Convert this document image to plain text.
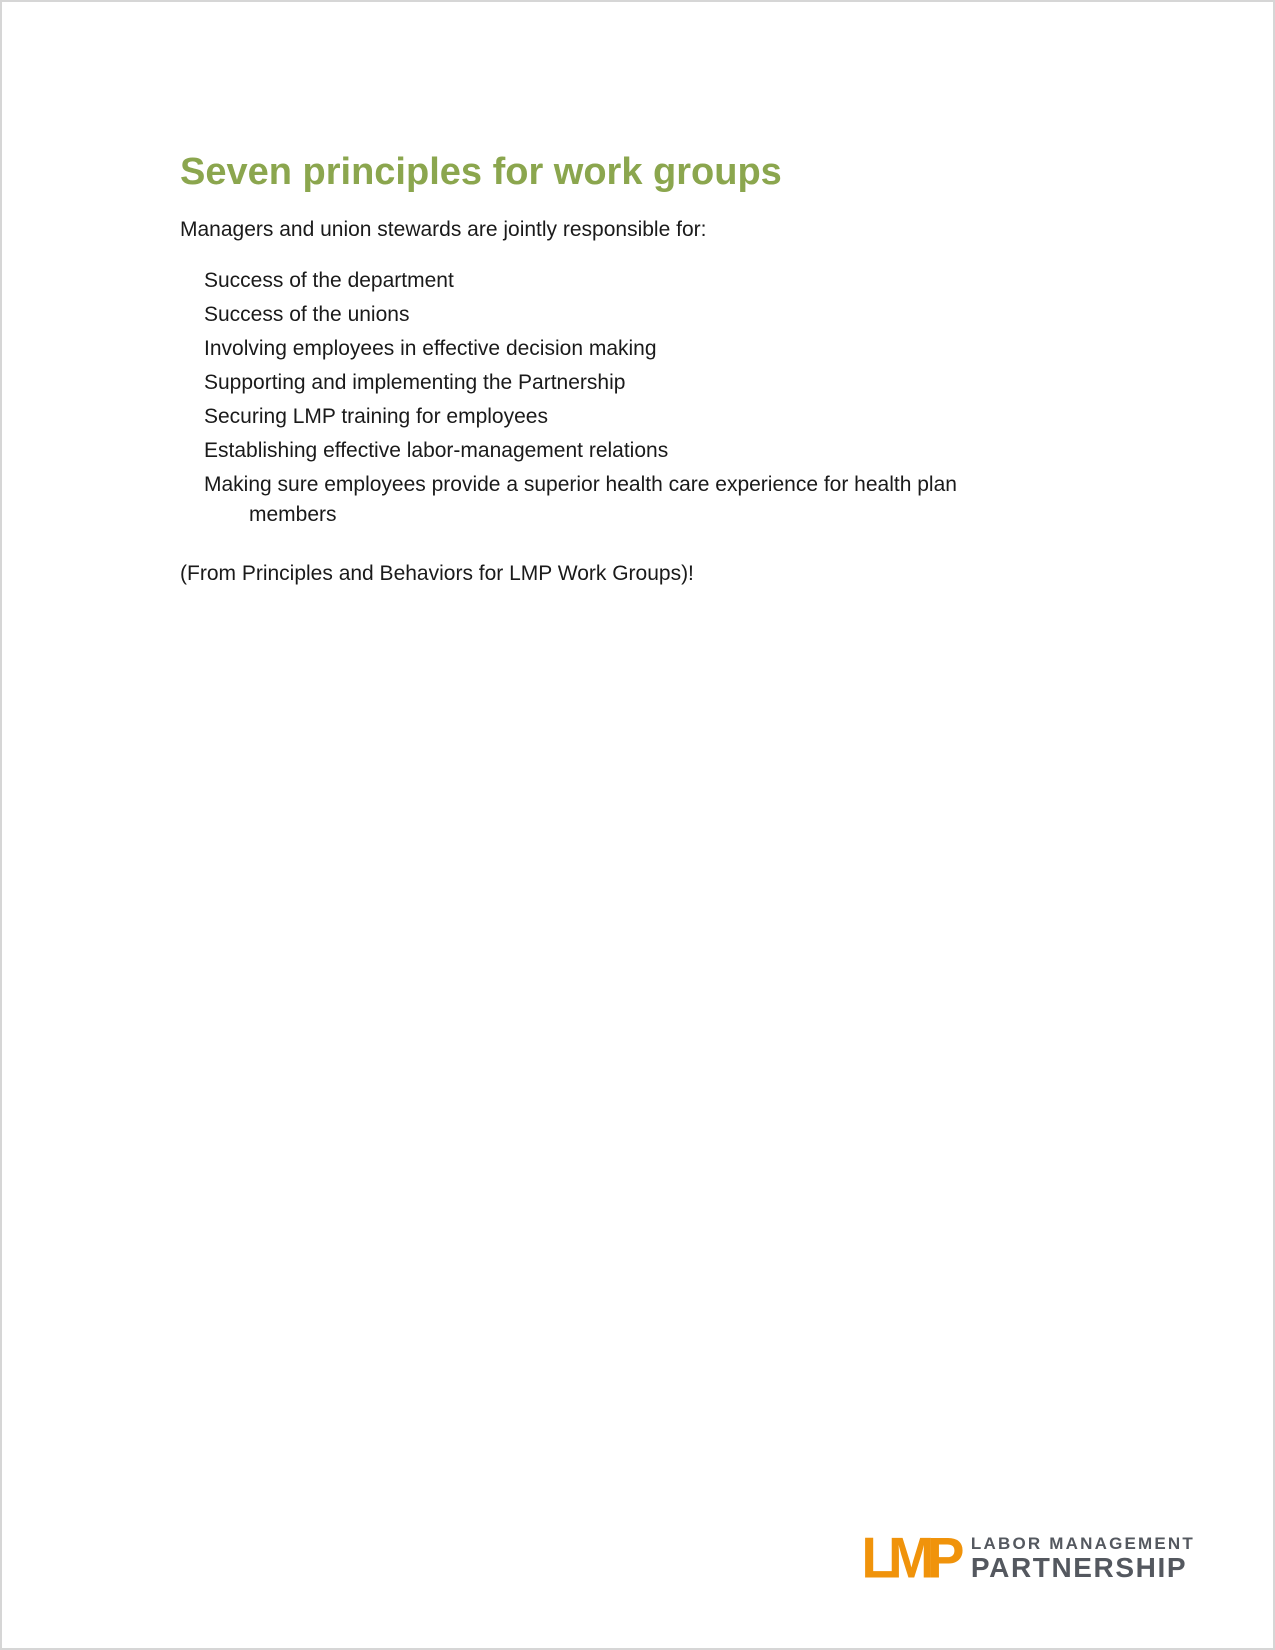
Seven principles for work groups

Managers and union stewards are jointly responsible for:

Success of the department
Success of the unions
Involving employees in effective decision making
Supporting and implementing the Partnership
Securing LMP training for employees
Establishing effective labor-management relations
Making sure employees provide a superior health care experience for health plan members

(From Principles and Behaviors for LMP Work Groups)!

LMP LABOR MANAGEMENT
PARTNERSHIP
